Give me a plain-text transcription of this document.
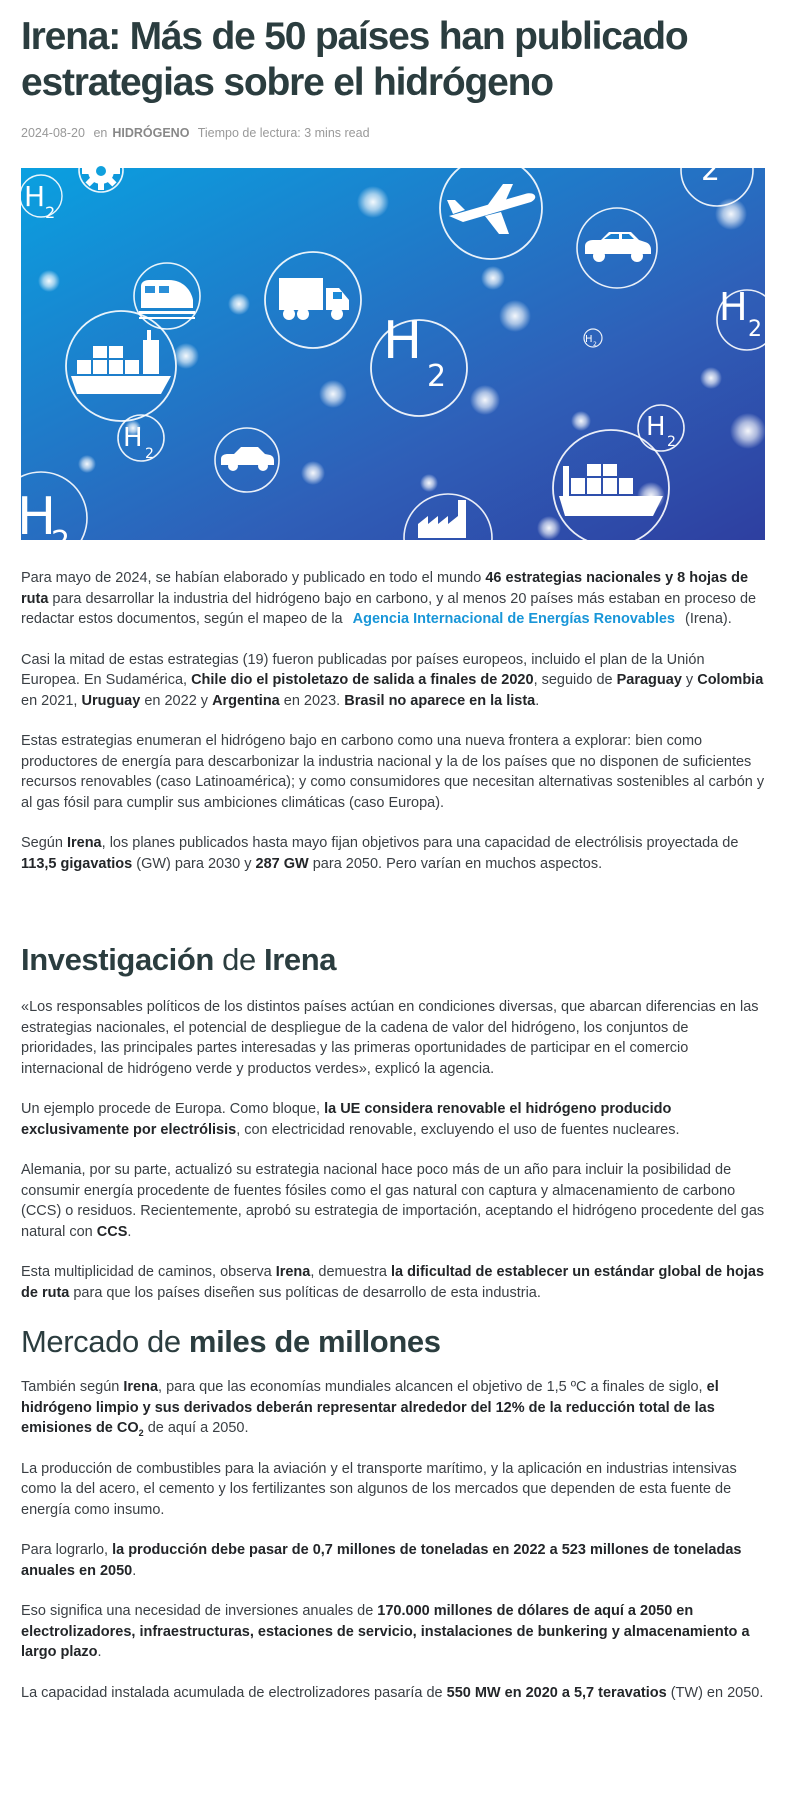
Irena: Más de 50 países han publicado estrategias sobre el hidrógeno
2024-08-20 en HIDRÓGENO Tiempo de lectura: 3 mins read
H
2
H 2
H
2
H
2
H 2
H 2
H
2
2

Para mayo de 2024, se habían elaborado y publicado en todo el mundo 46 estrategias nacionales y 8 hojas de ruta para desarrollar la industria del hidrógeno bajo en carbono, y al menos 20 países más estaban en proceso de redactar estos documentos, según el mapeo de la Agencia Internacional de Energías Renovables (Irena).

Casi la mitad de estas estrategias (19) fueron publicadas por países europeos, incluido el plan de la Unión Europea. En Sudamérica, Chile dio el pistoletazo de salida a finales de 2020, seguido de Paraguay y Colombia en 2021, Uruguay en 2022 y Argentina en 2023. Brasil no aparece en la lista.

Estas estrategias enumeran el hidrógeno bajo en carbono como una nueva frontera a explorar: bien como productores de energía para descarbonizar la industria nacional y la de los países que no disponen de suficientes recursos renovables (caso Latinoamérica); y como consumidores que necesitan alternativas sostenibles al carbón y al gas fósil para cumplir sus ambiciones climáticas (caso Europa).

Según Irena, los planes publicados hasta mayo fijan objetivos para una capacidad de electrólisis proyectada de 113,5 gigavatios (GW) para 2030 y 287 GW para 2050. Pero varían en muchos aspectos.

Investigación de Irena

«Los responsables políticos de los distintos países actúan en condiciones diversas, que abarcan diferencias en las estrategias nacionales, el potencial de despliegue de la cadena de valor del hidrógeno, los conjuntos de prioridades, las principales partes interesadas y las primeras oportunidades de participar en el comercio internacional de hidrógeno verde y productos verdes», explicó la agencia.

Un ejemplo procede de Europa. Como bloque, la UE considera renovable el hidrógeno producido exclusivamente por electrólisis, con electricidad renovable, excluyendo el uso de fuentes nucleares.

Alemania, por su parte, actualizó su estrategia nacional hace poco más de un año para incluir la posibilidad de consumir energía procedente de fuentes fósiles como el gas natural con captura y almacenamiento de carbono (CCS) o residuos. Recientemente, aprobó su estrategia de importación, aceptando el hidrógeno procedente del gas natural con CCS.

Esta multiplicidad de caminos, observa Irena, demuestra la dificultad de establecer un estándar global de hojas de ruta para que los países diseñen sus políticas de desarrollo de esta industria.

Mercado de miles de millones

También según Irena, para que las economías mundiales alcancen el objetivo de 1,5 ºC a finales de siglo, el hidrógeno limpio y sus derivados deberán representar alrededor del 12% de la reducción total de las emisiones de $CO_2$ de aquí a 2050.

La producción de combustibles para la aviación y el transporte marítimo, y la aplicación en industrias intensivas como la del acero, el cemento y los fertilizantes son algunos de los mercados que dependen de esta fuente de energía como insumo.

Para lograrlo, la producción debe pasar de 0,7 millones de toneladas en 2022 a 523 millones de toneladas anuales en 2050.

Eso significa una necesidad de inversiones anuales de 170.000 millones de dólares de aquí a 2050 en electrolizadores, infraestructuras, estaciones de servicio, instalaciones de bunkering y almacenamiento a largo plazo.

La capacidad instalada acumulada de electrolizadores pasaría de 550 MW en 2020 a 5,7 teravatios (TW) en 2050.
